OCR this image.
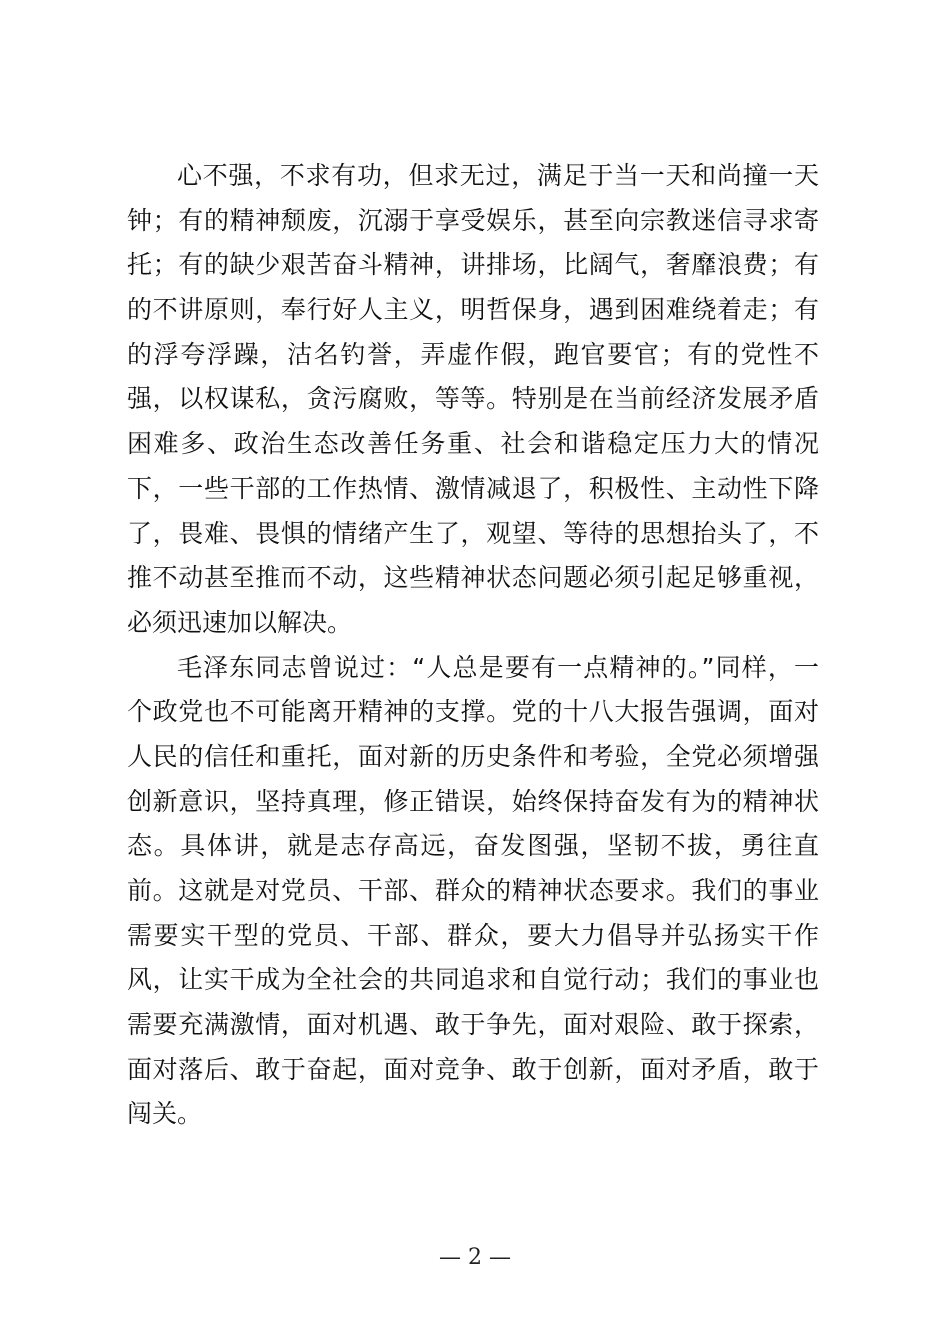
心不强，不求有功，但求无过，满足于当一天和尚撞一天
钟；有的精神颓废，沉溺于享受娱乐，甚至向宗教迷信寻求寄
托；有的缺少艰苦奋斗精神，讲排场，比阔气，奢靡浪费；有
的不讲原则，奉行好人主义，明哲保身，遇到困难绕着走；有
的浮夸浮躁，沽名钓誉，弄虚作假，跑官要官；有的党性不
强，以权谋私，贪污腐败，等等。特别是在当前经济发展矛盾
困难多、政治生态改善任务重、社会和谐稳定压力大的情况
下，一些干部的工作热情、激情减退了，积极性、主动性下降
了，畏难、畏惧的情绪产生了，观望、等待的思想抬头了，不
推不动甚至推而不动，这些精神状态问题必须引起足够重视，
必须迅速加以解决。
毛泽东同志曾说过：“人总是要有一点精神的。”同样，一
个政党也不可能离开精神的支撑。党的十八大报告强调，面对
人民的信任和重托，面对新的历史条件和考验，全党必须增强
创新意识，坚持真理，修正错误，始终保持奋发有为的精神状
态。具体讲，就是志存高远，奋发图强，坚韧不拔，勇往直
前。这就是对党员、干部、群众的精神状态要求。我们的事业
需要实干型的党员、干部、群众，要大力倡导并弘扬实干作
风，让实干成为全社会的共同追求和自觉行动；我们的事业也
需要充满激情，面对机遇、敢于争先，面对艰险、敢于探索，
面对落后、敢于奋起，面对竞争、敢于创新，面对矛盾，敢于
闯关。
— 2 —
